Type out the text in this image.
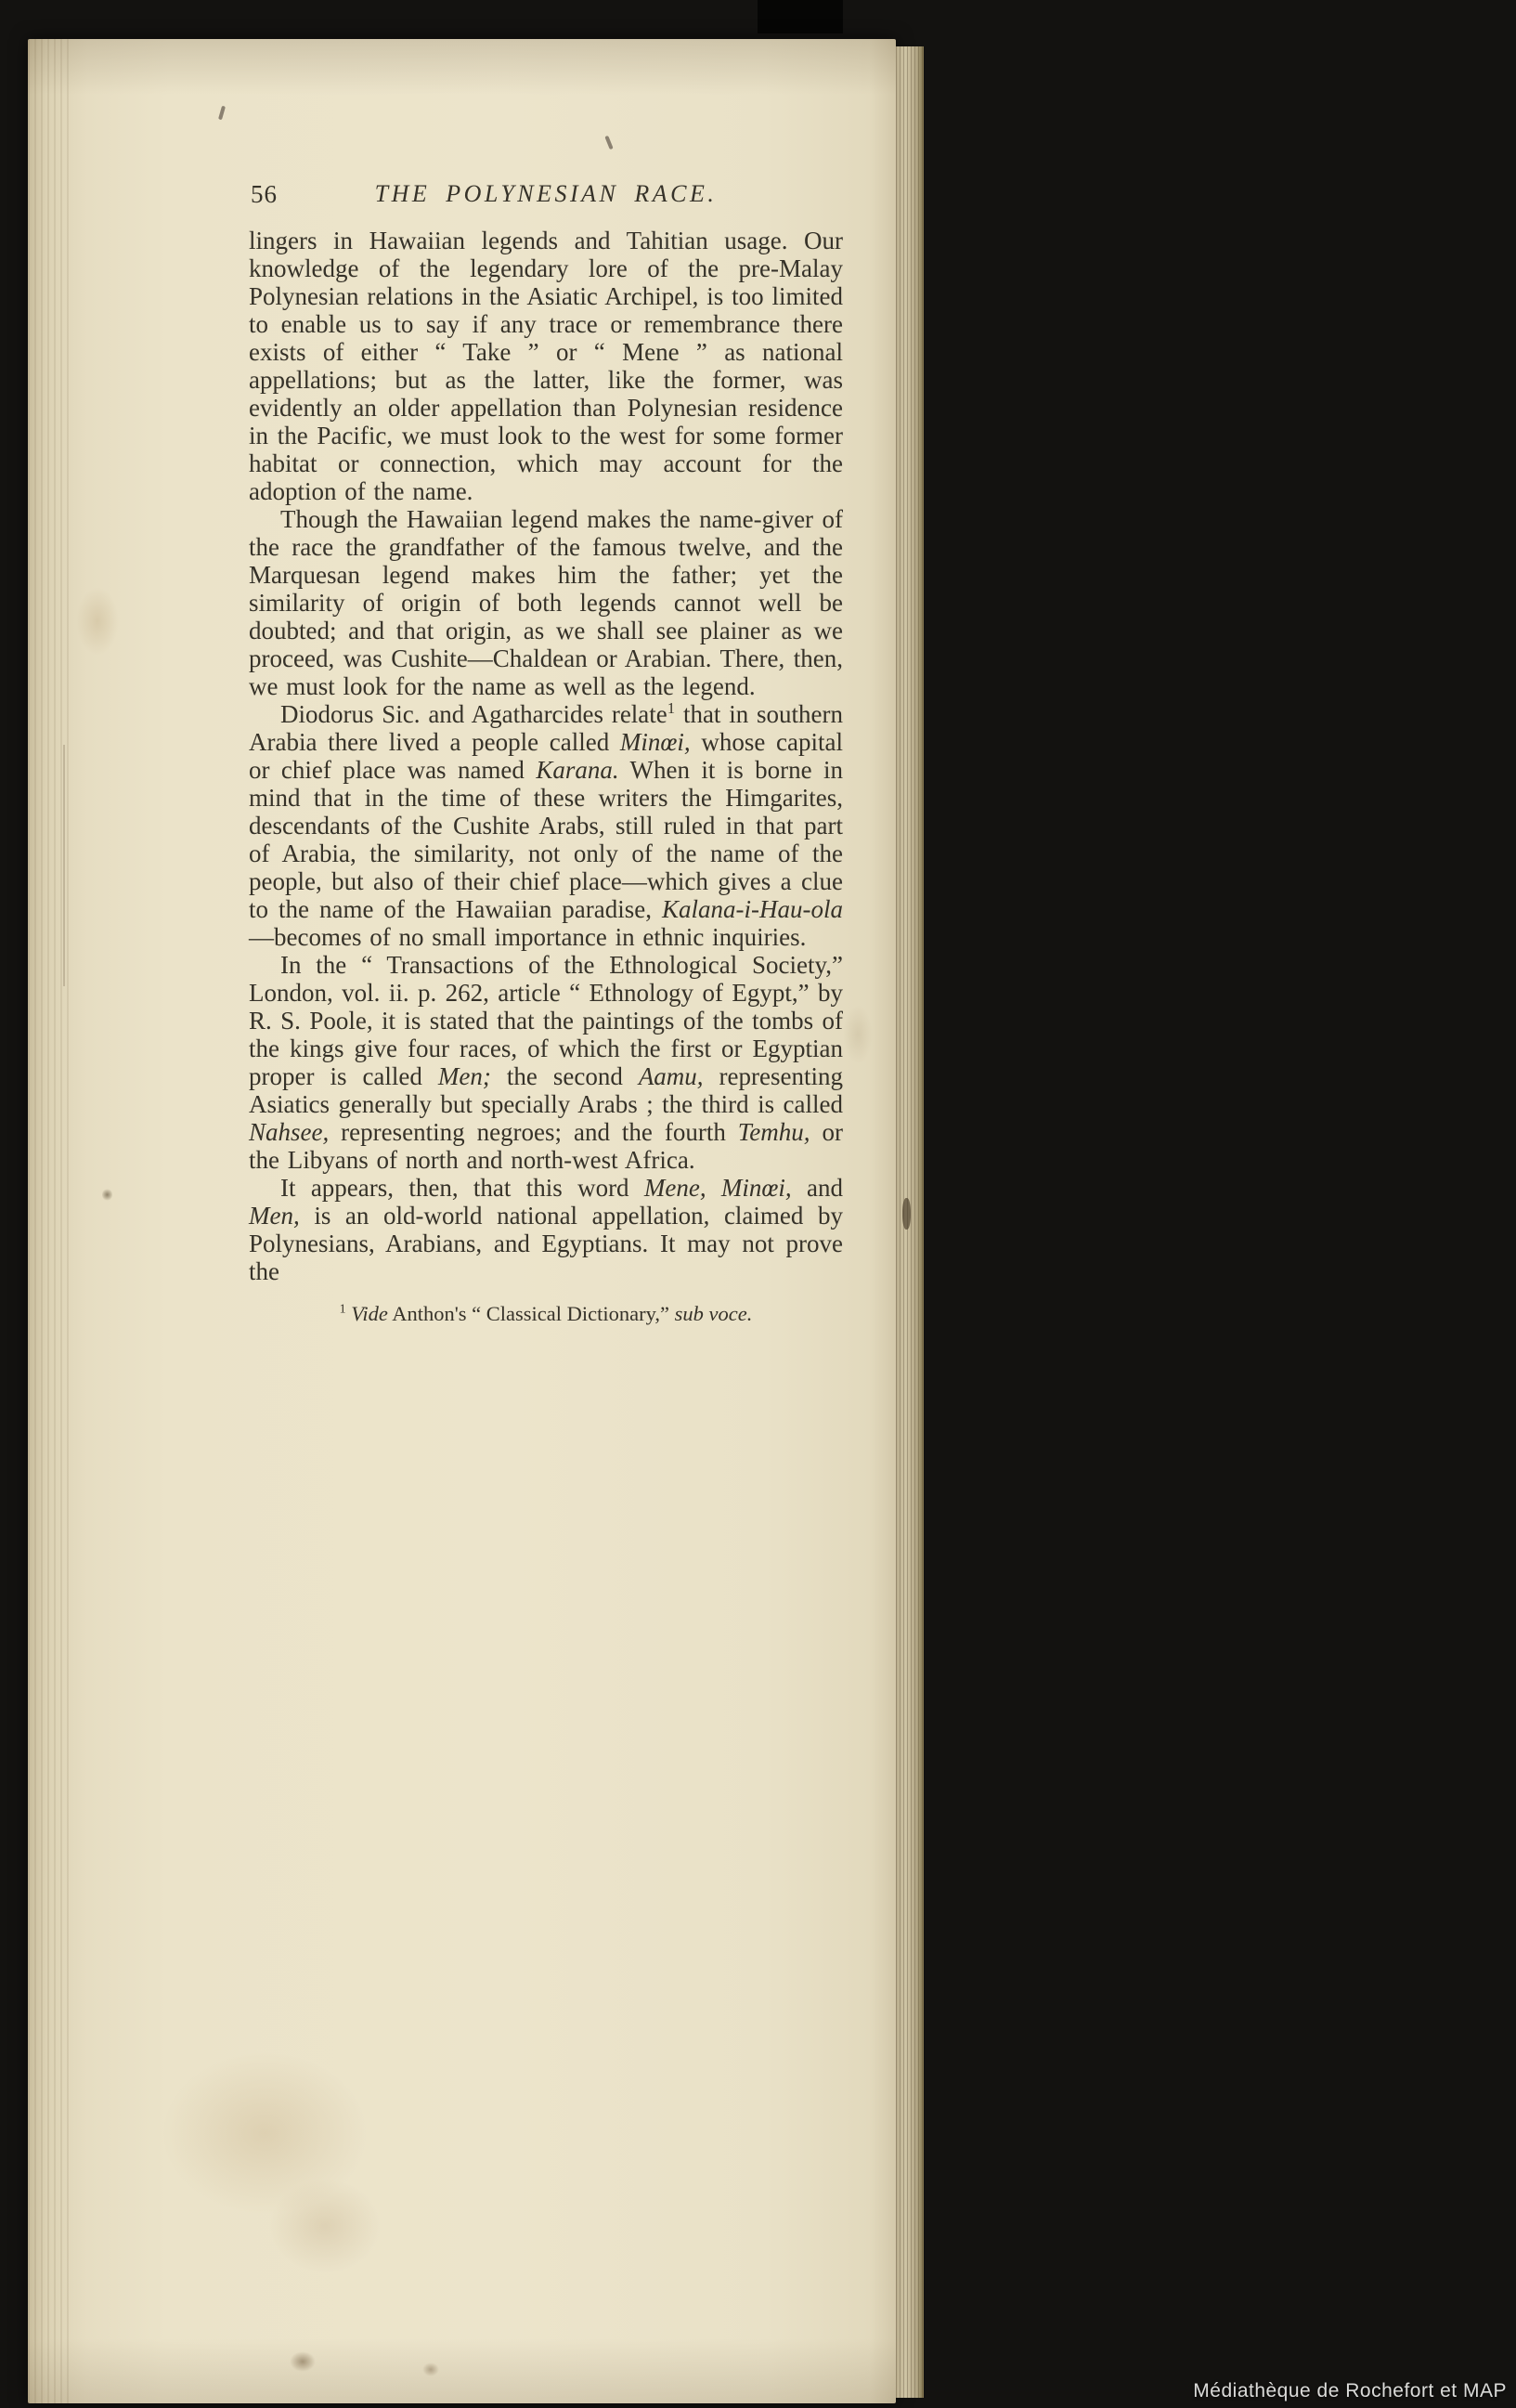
56	THE POLYNESIAN RACE.

lingers in Hawaiian legends and Tahitian usage. Our knowledge of the legendary lore of the pre-Malay Polynesian relations in the Asiatic Archipel, is too limited to enable us to say if any trace or remembrance there exists of either “ Take ” or “ Mene ” as national appellations; but as the latter, like the former, was evidently an older appellation than Polynesian residence in the Pacific, we must look to the west for some former habitat or connection, which may account for the adoption of the name.

Though the Hawaiian legend makes the name-giver of the race the grandfather of the famous twelve, and the Marquesan legend makes him the father; yet the similarity of origin of both legends cannot well be doubted; and that origin, as we shall see plainer as we proceed, was Cushite—Chaldean or Arabian. There, then, we must look for the name as well as the legend.

Diodorus Sic. and Agatharcides relate$^1$ that in southern Arabia there lived a people called Minœi, whose capital or chief place was named Karana. When it is borne in mind that in the time of these writers the Himgarites, descendants of the Cushite Arabs, still ruled in that part of Arabia, the similarity, not only of the name of the people, but also of their chief place—which gives a clue to the name of the Hawaiian paradise, Kalana-i-Hau-ola—becomes of no small importance in ethnic inquiries.

In the “ Transactions of the Ethnological Society,” London, vol. ii. p. 262, article “ Ethnology of Egypt,” by R. S. Poole, it is stated that the paintings of the tombs of the kings give four races, of which the first or Egyptian proper is called Men; the second Aamu, representing Asiatics generally but specially Arabs ; the third is called Nahsee, representing negroes; and the fourth Temhu, or the Libyans of north and north-west Africa.

It appears, then, that this word Mene, Minœi, and Men, is an old-world national appellation, claimed by Polynesians, Arabians, and Egyptians. It may not prove the

$^1$ Vide Anthon's “ Classical Dictionary,” sub voce.
Médiathèque de Rochefort et MAP
